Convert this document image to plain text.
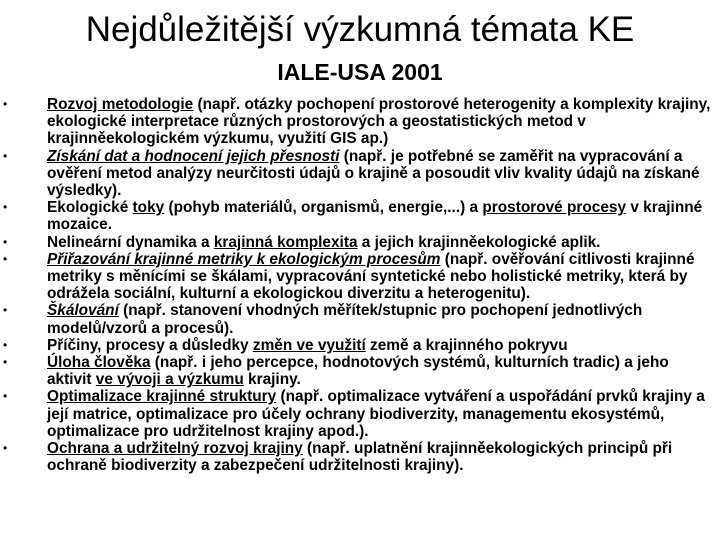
Nejdůležitější výzkumná témata KE
IALE-USA 2001
•	Rozvoj metodologie (např. otázky pochopení prostorové heterogenity a komplexity krajiny, ekologické interpretace různých prostorových a geostatistických metod v krajinněekologickém výzkumu, využití GIS ap.)
•	Získání dat a hodnocení jejich přesnosti (např. je potřebné se zaměřit na vypracování a ověření metod analýzy neurčitosti údajů o krajině a posoudit vliv kvality údajů na získané výsledky).
•	Ekologické toky (pohyb materiálů, organismů, energie,...) a prostorové procesy v krajinné mozaice.
•	Nelineární dynamika a krajinná komplexita a jejich krajinněekologické aplik.
•	Přiřazování krajinné metriky k ekologickým procesům (např. ověřování citlivosti krajinné metriky s měnícími se škálami, vypracování syntetické nebo holistické metriky, která by odrážela sociální, kulturní a ekologickou diverzitu a heterogenitu).
•	Škálování (např. stanovení vhodných měřítek/stupnic pro pochopení jednotlivých modelů/vzorů a procesů).
•	Příčiny, procesy a důsledky změn ve využití země a krajinného pokryvu
•	Úloha člověka (např. i jeho percepce, hodnotových systémů, kulturních tradic) a jeho aktivit ve vývoji a výzkumu krajiny.
•	Optimalizace krajinné struktury (např. optimalizace vytváření a uspořádání prvků krajiny a její matrice, optimalizace pro účely ochrany biodiverzity, managementu ekosystémů, optimalizace pro udržitelnost krajiny apod.).
•	Ochrana a udržitelný rozvoj krajiny (např. uplatnění krajinněekologických principů při ochraně biodiverzity a zabezpečení udržitelnosti krajiny).
